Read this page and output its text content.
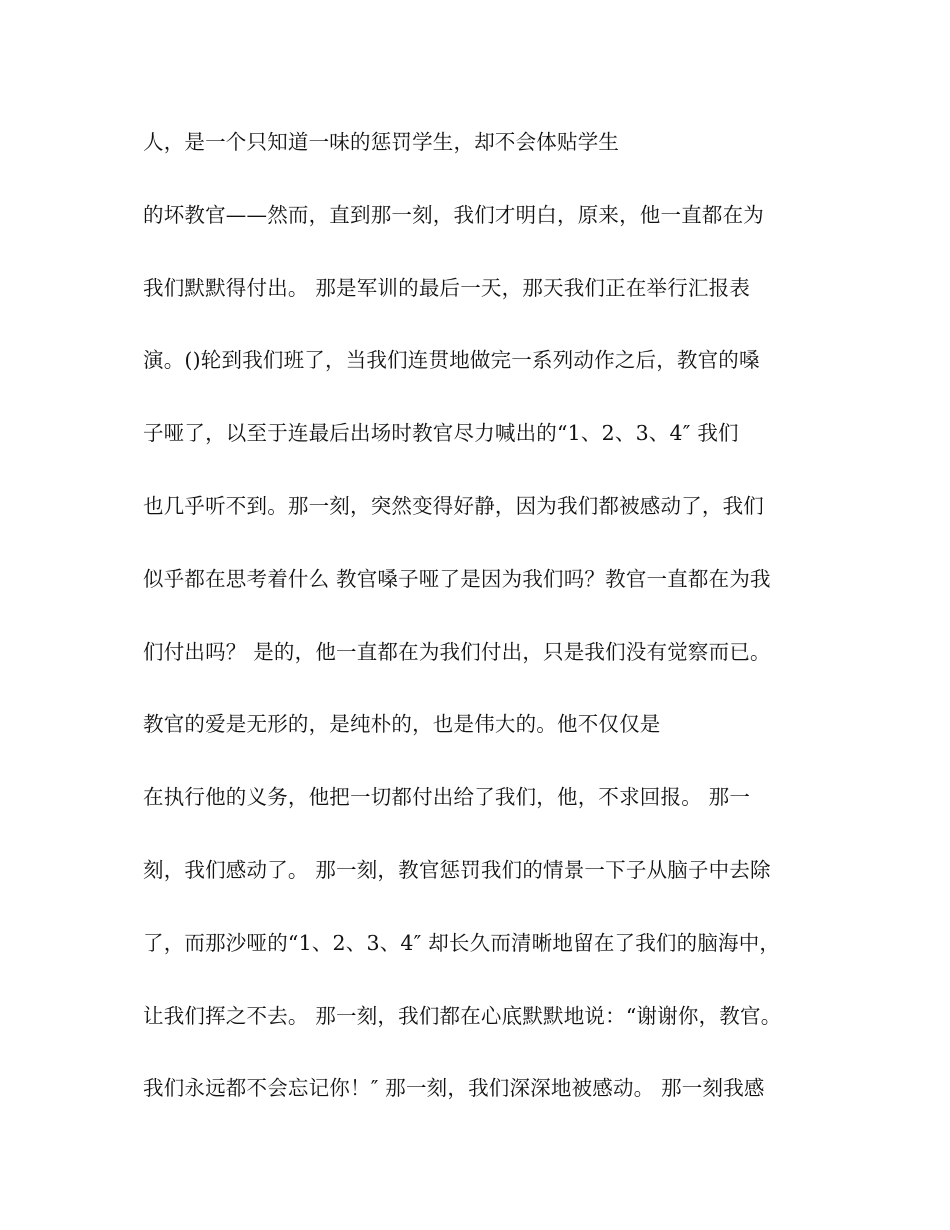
人，是一个只知道一味的惩罚学生，却不会体贴学生
的坏教官——然而，直到那一刻，我们才明白，原来，他一直都在为
我们默默得付出。 那是军训的最后一天，那天我们正在举行汇报表
演。()轮到我们班了，当我们连贯地做完一系列动作之后，教官的嗓
子哑了，以至于连最后出场时教官尽力喊出的“1、2、3、4″ 我们
也几乎听不到。那一刻，突然变得好静，因为我们都被感动了，我们
似乎都在思考着什么 教官嗓子哑了是因为我们吗？教官一直都在为我
们付出吗？ 是的，他一直都在为我们付出，只是我们没有觉察而已。
教官的爱是无形的，是纯朴的，也是伟大的。他不仅仅是
在执行他的义务，他把一切都付出给了我们，他，不求回报。 那一
刻，我们感动了。 那一刻，教官惩罚我们的情景一下子从脑子中去除
了，而那沙哑的“1、2、3、4″ 却长久而清晰地留在了我们的脑海中，
让我们挥之不去。 那一刻，我们都在心底默默地说：“谢谢你，教官。
我们永远都不会忘记你！″ 那一刻，我们深深地被感动。 那一刻我感
